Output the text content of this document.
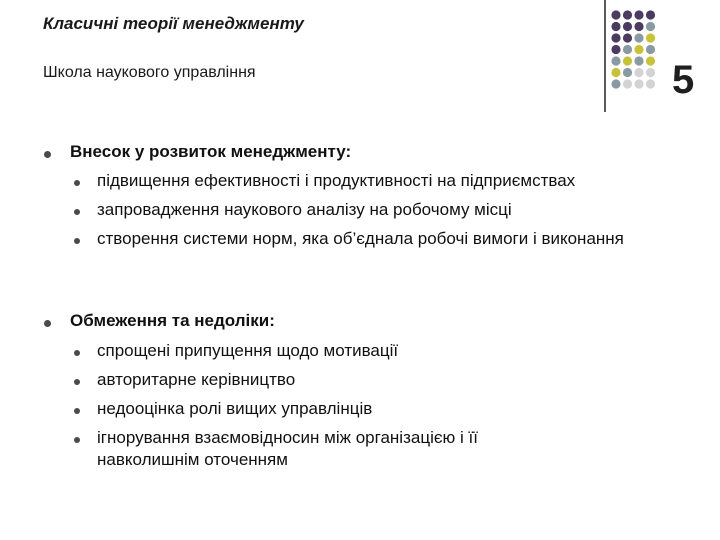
Класичні теорії менеджменту
Школа наукового управління	5
Внесок у розвиток менеджменту:
підвищення ефективності і продуктивності на підприємствах
запровадження наукового аналізу на робочому місці
створення системи норм, яка об’єднала робочі вимоги і виконання
Обмеження та недоліки:
спрощені припущення щодо мотивації
авторитарне керівництво
недооцінка ролі вищих управлінців
ігнорування взаємовідносин між організацією і її навколишнім оточенням
